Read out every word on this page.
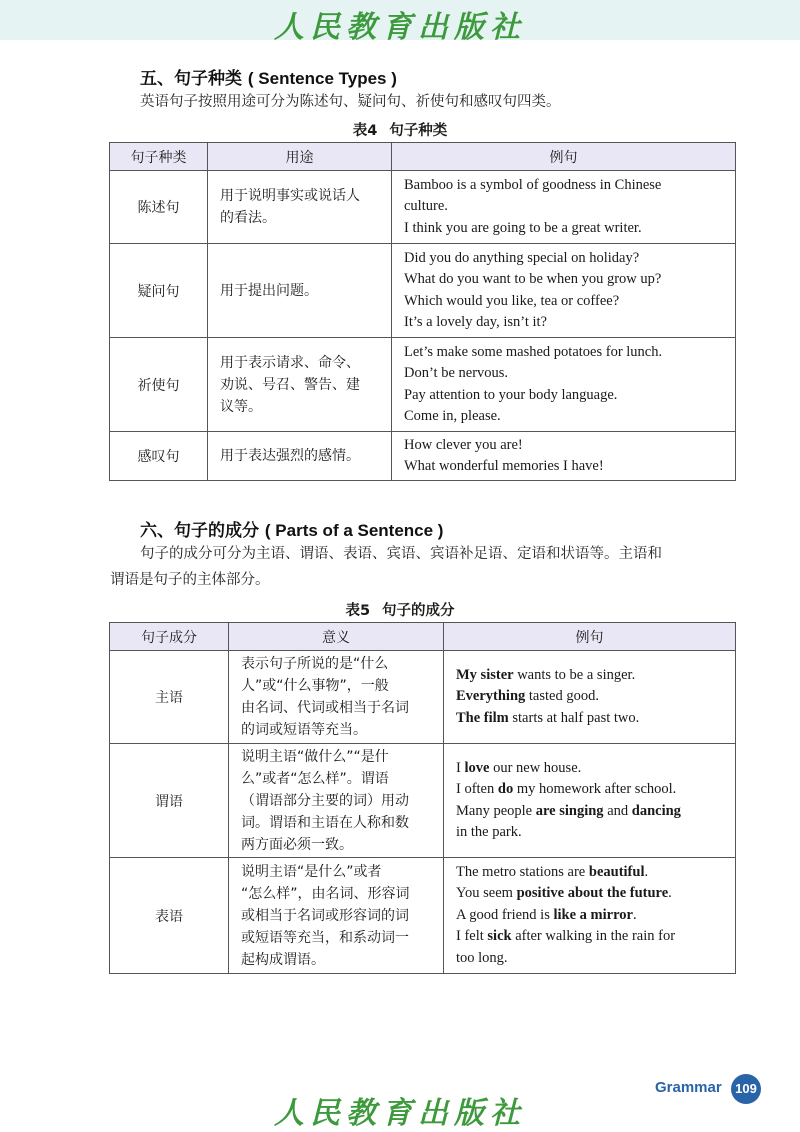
人民教育出版社
五、句子种类 ( Sentence Types )
英语句子按照用途可分为陈述句、疑问句、祈使句和感叹句四类。
表4 句子种类
句子种类	用途	例句
陈述句	用于说明事实或说话人
的看法。	Bamboo is a symbol of goodness in Chinese
culture.
I think you are going to be a great writer.

疑问句	用于提出问题。	Did you do anything special on holiday?
What do you want to be when you grow up?
Which would you like, tea or coffee?
It’s a lovely day, isn’t it?

祈使句	用于表示请求、命令、
劝说、号召、警告、建
议等。	Let’s make some mashed potatoes for lunch.
Don’t be nervous.
Pay attention to your body language.
Come in, please.

感叹句	用于表达强烈的感情。	How clever you are!
What wonderful memories I have!
六、句子的成分 ( Parts of a Sentence )
句子的成分可分为主语、谓语、表语、宾语、宾语补足语、定语和状语等。主语和
谓语是句子的主体部分。
表5 句子的成分
句子成分	意义	例句
主语	表示句子所说的是“什么
人”或“什么事物”，一般
由名词、代词或相当于名词
的词或短语等充当。	My sister wants to be a singer.
Everything tasted good.
The film starts at half past two.

谓语	说明主语“做什么”“是什
么”或者“怎么样”。谓语
（谓语部分主要的词）用动
词。谓语和主语在人称和数
两方面必须一致。	I love our new house.
I often do my homework after school.
Many people are singing and dancing
in the park.

表语	说明主语“是什么”或者
“怎么样”，由名词、形容词
或相当于名词或形容词的词
或短语等充当，和系动词一
起构成谓语。	The metro stations are beautiful.
You seem positive about the future.
A good friend is like a mirror.
I felt sick after walking in the rain for
too long.
Grammar	109
人民教育出版社
